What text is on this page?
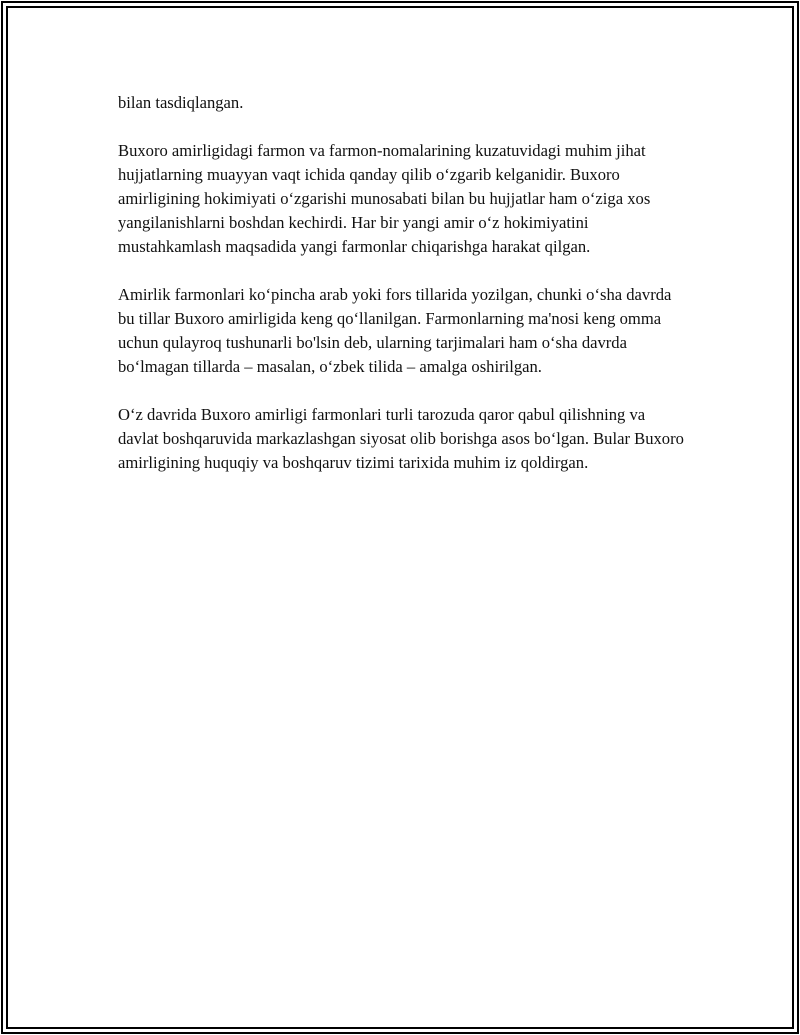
bilan tasdiqlangan.

Buxoro amirligidagi farmon va farmon-nomalarining kuzatuvidagi muhim jihat hujjatlarning muayyan vaqt ichida qanday qilib o‘zgarib kelganidir. Buxoro amirligining hokimiyati o‘zgarishi munosabati bilan bu hujjatlar ham o‘ziga xos yangilanishlarni boshdan kechirdi. Har bir yangi amir o‘z hokimiyatini mustahkamlash maqsadida yangi farmonlar chiqarishga harakat qilgan.

Amirlik farmonlari ko‘pincha arab yoki fors tillarida yozilgan, chunki o‘sha davrda bu tillar Buxoro amirligida keng qo‘llanilgan. Farmonlarning ma'nosi keng omma uchun qulayroq tushunarli bo'lsin deb, ularning tarjimalari ham o‘sha davrda bo‘lmagan tillarda – masalan, o‘zbek tilida – amalga oshirilgan.

O‘z davrida Buxoro amirligi farmonlari turli tarozuda qaror qabul qilishning va davlat boshqaruvida markazlashgan siyosat olib borishga asos bo‘lgan. Bular Buxoro amirligining huquqiy va boshqaruv tizimi tarixida muhim iz qoldirgan.
